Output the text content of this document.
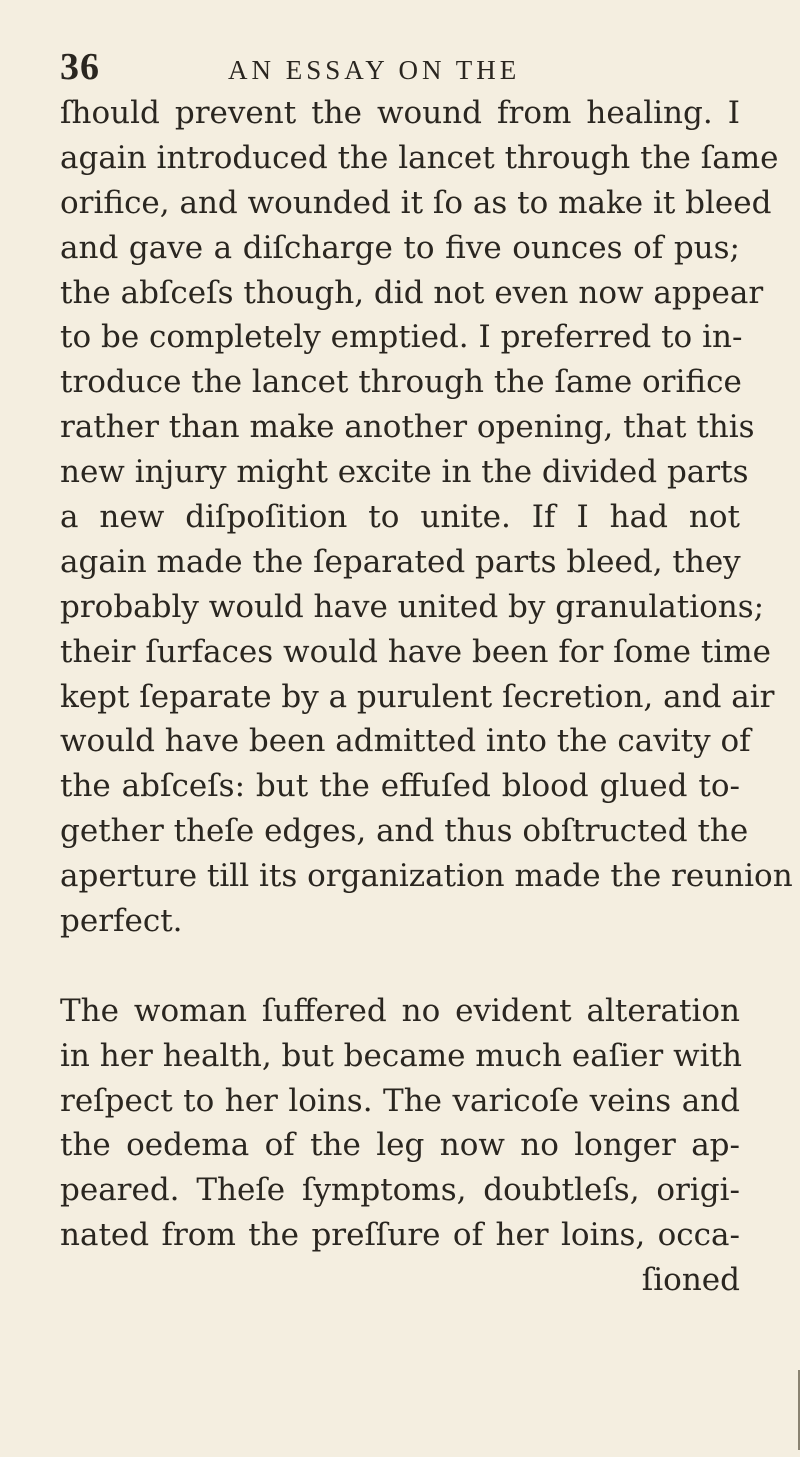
36	AN ESSAY ON THE
ſhould prevent the wound from healing. I
again introduced the lancet through the ſame
orifice, and wounded it ſo as to make it bleed
and gave a diſcharge to five ounces of pus;
the abſceſs though, did not even now appear
to be completely emptied. I preferred to in-
troduce the lancet through the ſame orifice
rather than make another opening, that this
new injury might excite in the divided parts
a new diſpoſition to unite. If I had not
again made the ſeparated parts bleed, they
probably would have united by granulations;
their ſurfaces would have been for ſome time
kept ſeparate by a purulent ſecretion, and air
would have been admitted into the cavity of
the abſceſs: but the effuſed blood glued to-
gether theſe edges, and thus obſtructed the
aperture till its organization made the reunion
perfect.
The woman ſuffered no evident alteration
in her health, but became much eaſier with
reſpect to her loins. The varicoſe veins and
the oedema of the leg now no longer ap-
peared. Theſe ſymptoms, doubtleſs, origi-
nated from the preſſure of her loins, occa-
ſioned
